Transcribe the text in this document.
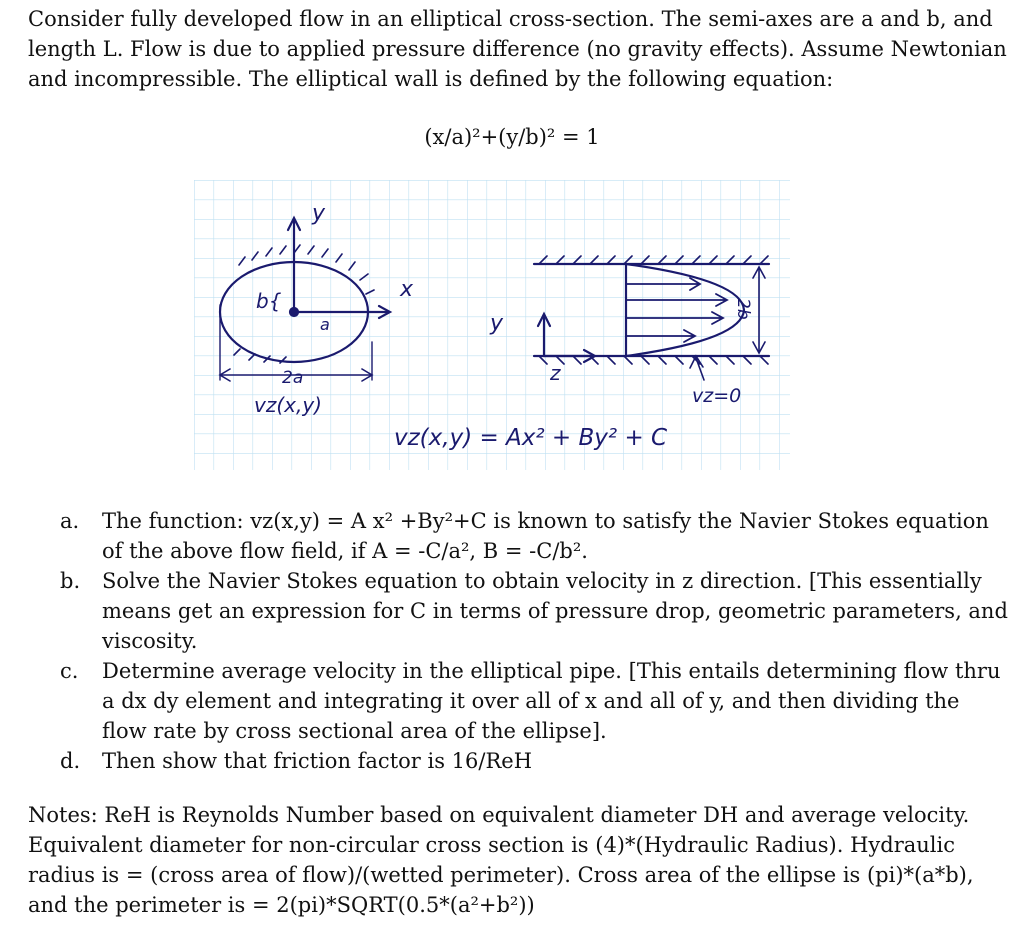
Consider fully developed flow in an elliptical cross-section. The semi-axes are a and b, and length L. Flow is due to applied pressure difference (no gravity effects). Assume Newtonian and incompressible. The elliptical wall is defined by the following equation:
(x/a)²+(y/b)² = 1
y
b{
a
x
2a
vz(x,y)
y
z
2b
vz=0
vz(x,y) = Ax² + By² + C
a.	The function: vz(x,y) = A x² +By²+C is known to satisfy the Navier Stokes equation of the above flow field, if A = -C/a², B = -C/b².
b.	Solve the Navier Stokes equation to obtain velocity in z direction. [This essentially means get an expression for C in terms of pressure drop, geometric parameters, and viscosity.
c.	Determine average velocity in the elliptical pipe. [This entails determining flow thru a dx dy element and integrating it over all of x and all of y, and then dividing the flow rate by cross sectional area of the ellipse].
d.	Then show that friction factor is 16/ReH
Notes: ReH is Reynolds Number based on equivalent diameter DH and average velocity. Equivalent diameter for non-circular cross section is (4)*(Hydraulic Radius). Hydraulic radius is = (cross area of flow)/(wetted perimeter). Cross area of the ellipse is (pi)*(a*b), and the perimeter is = 2(pi)*SQRT(0.5*(a²+b²))
